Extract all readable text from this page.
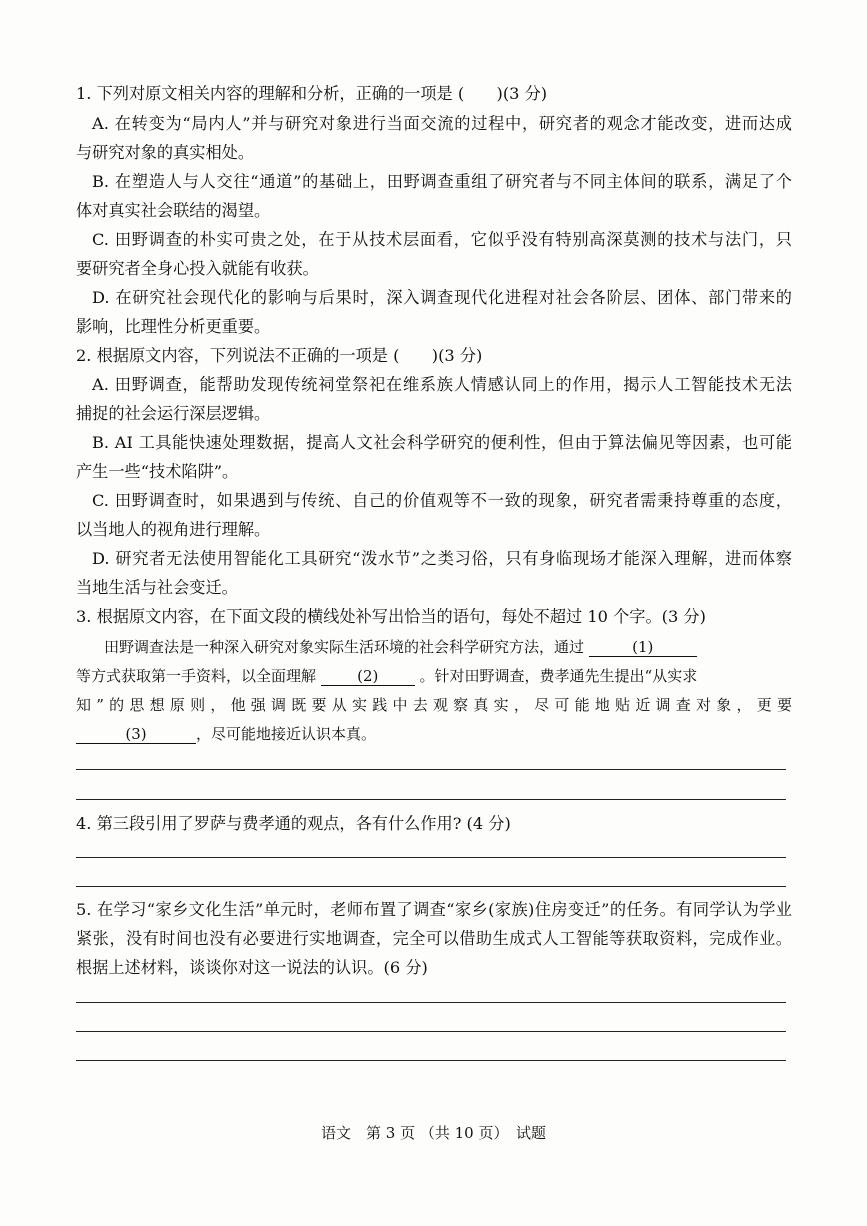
1. 下列对原文相关内容的理解和分析，正确的一项是 (　　)(3 分)
A. 在转变为“局内人”并与研究对象进行当面交流的过程中，研究者的观念才能改变，进而达成
与研究对象的真实相处。
B. 在塑造人与人交往“通道”的基础上，田野调查重组了研究者与不同主体间的联系，满足了个
体对真实社会联结的渴望。
C. 田野调查的朴实可贵之处，在于从技术层面看，它似乎没有特别高深莫测的技术与法门，只
要研究者全身心投入就能有收获。
D. 在研究社会现代化的影响与后果时，深入调查现代化进程对社会各阶层、团体、部门带来的
影响，比理性分析更重要。
2. 根据原文内容，下列说法不正确的一项是 (　　)(3 分)
A. 田野调查，能帮助发现传统祠堂祭祀在维系族人情感认同上的作用，揭示人工智能技术无法
捕捉的社会运行深层逻辑。
B. AI 工具能快速处理数据，提高人文社会科学研究的便利性，但由于算法偏见等因素，也可能
产生一些“技术陷阱”。
C. 田野调查时，如果遇到与传统、自己的价值观等不一致的现象，研究者需秉持尊重的态度，
以当地人的视角进行理解。
D. 研究者无法使用智能化工具研究“泼水节”之类习俗，只有身临现场才能深入理解，进而体察
当地生活与社会变迁。
3. 根据原文内容，在下面文段的横线处补写出恰当的语句，每处不超过 10 个字。(3 分)
田野调查法是一种深入研究对象实际生活环境的社会科学研究方法，通过	(1)
等方式获取第一手资料，以全面理解 (2) 。针对田野调查，费孝通先生提出“从实求
知”的思想原则，他强调既要从实践中去观察真实，尽可能地贴近调查对象，更要
(3)	，尽可能地接近认识本真。
4. 第三段引用了罗萨与费孝通的观点，各有什么作用? (4 分)
5. 在学习“家乡文化生活”单元时，老师布置了调查“家乡(家族)住房变迁”的任务。有同学认为学业
紧张，没有时间也没有必要进行实地调查，完全可以借助生成式人工智能等获取资料，完成作业。
根据上述材料，谈谈你对这一说法的认识。(6 分)
语文　第 3 页 （共 10 页）　试题
